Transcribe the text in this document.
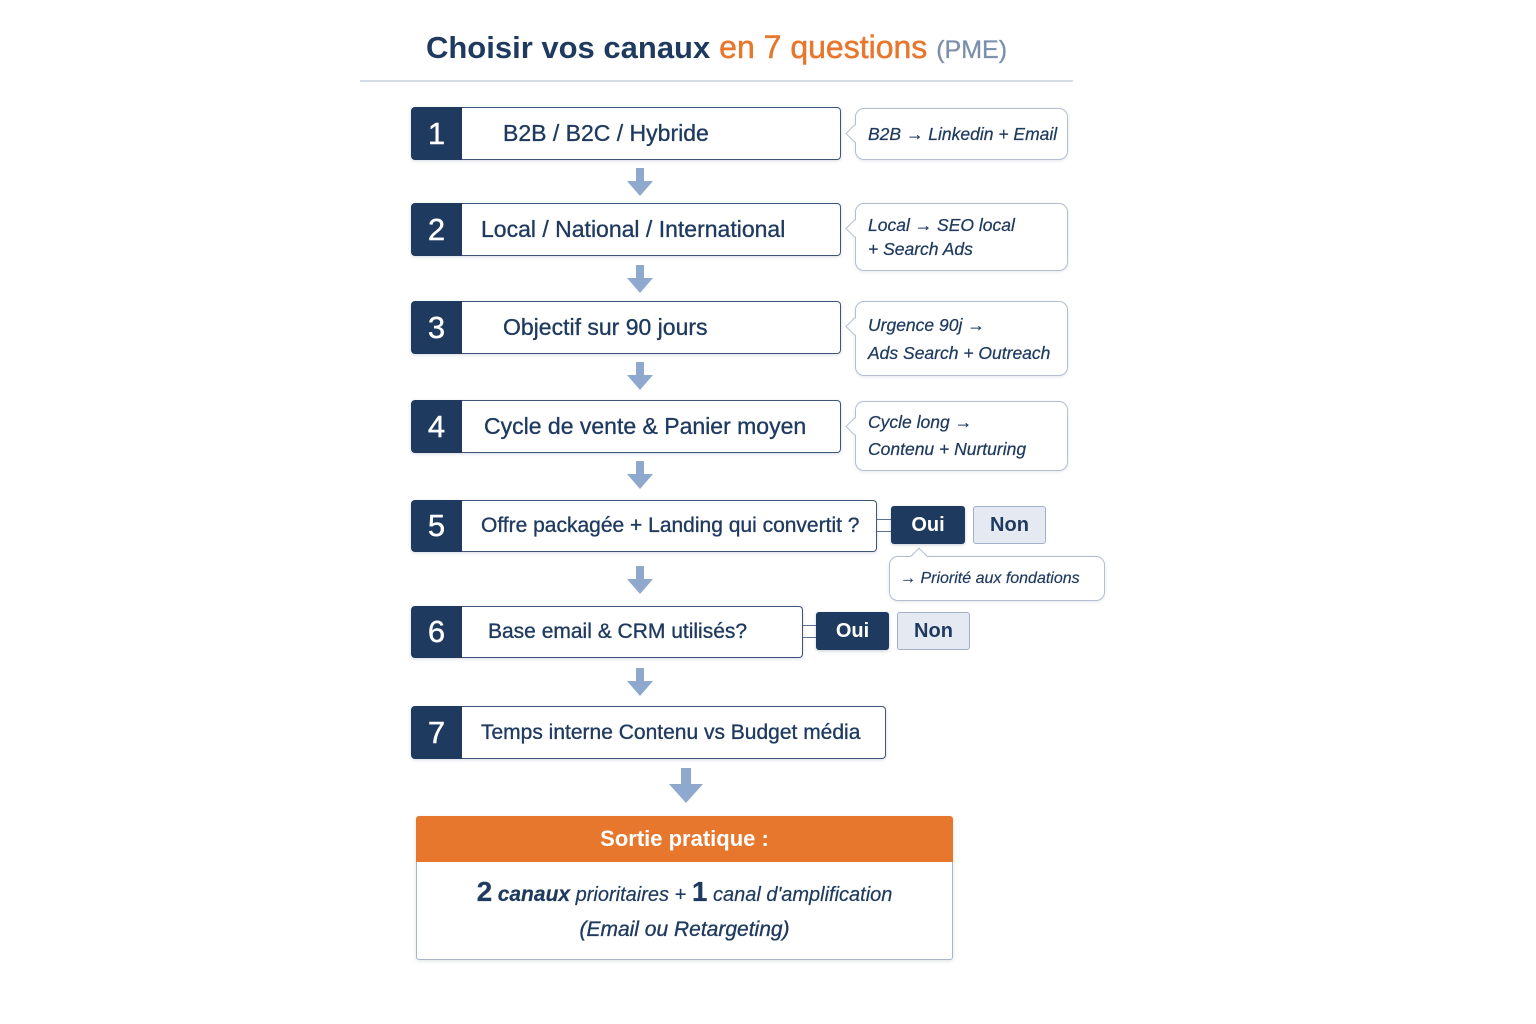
Choisir vos canaux en 7 questions (PME)
1	B2B / B2C / Hybride	B2B → Linkedin + Email
2	Local / National / International	Local → SEO local
+ Search Ads
3	Objectif sur 90 jours	Urgence 90j →
Ads Search + Outreach
4	Cycle de vente & Panier moyen	Cycle long →
Contenu + Nurturing
5	Offre packagée + Landing qui convertit ?	Oui	Non
→ Priorité aux fondations
6	Base email & CRM utilisés?	Oui	Non
7	Temps interne Contenu vs Budget média
Sortie pratique :
2 canaux prioritaires + 1 canal d'amplification
(Email ou Retargeting)
